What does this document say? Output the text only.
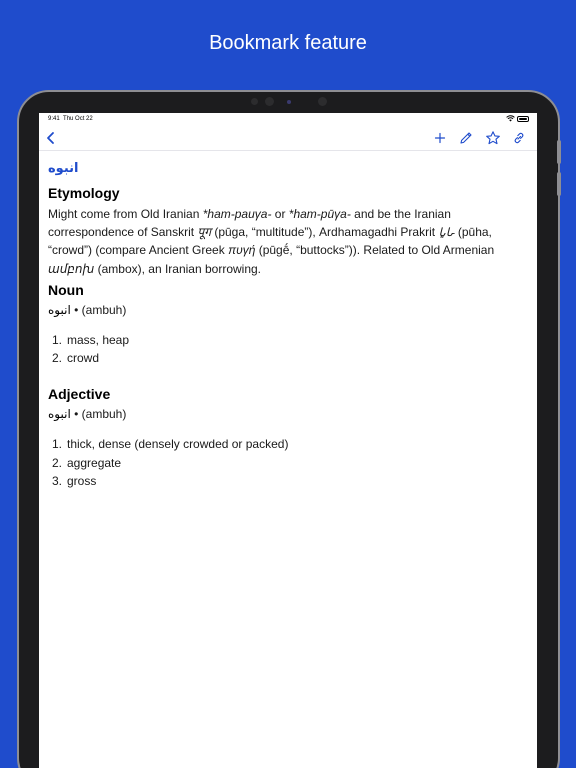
Bookmark feature
9:41 Thu Oct 22
انبوه
Etymology
Might come from Old Iranian *ham-pauγa- or *ham-pūγa- and be the Iranian correspondence of Sanskrit पूग (pūga, “multitude”), Ardhamagadhi Prakrit 𑀧𑀽𑀳 (pūha, “crowd”) (compare Ancient Greek πυγή (pūgḗ, “buttocks”)). Related to Old Armenian ամբոխ (ambox), an Iranian borrowing.
Noun
انبوه • (ambuh)
1. mass, heap
2. crowd
Adjective
انبوه • (ambuh)
1. thick, dense (densely crowded or packed)
2. aggregate
3. gross
